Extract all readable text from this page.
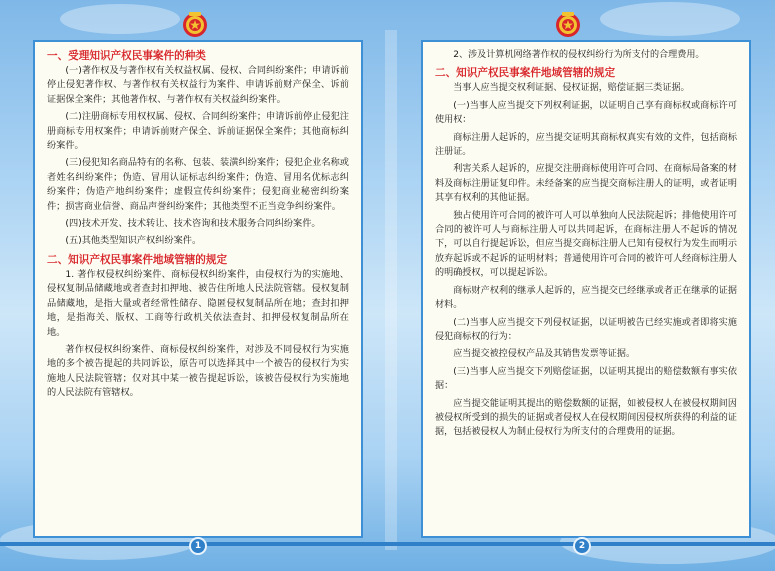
一、受理知识产权民事案件的种类

(一)著作权及与著作权有关权益权属、侵权、合同纠纷案件；申请诉前停止侵犯著作权、与著作权有关权益行为案件、申请诉前财产保全、诉前证据保全案件；其他著作权、与著作权有关权益纠纷案件。

(二)注册商标专用权权属、侵权、合同纠纷案件；申请诉前停止侵犯注册商标专用权案件；申请诉前财产保全、诉前证据保全案件；其他商标纠纷案件。

(三)侵犯知名商品特有的名称、包装、装潢纠纷案件；侵犯企业名称或者姓名纠纷案件；伪造、冒用认证标志纠纷案件；伪造、冒用名优标志纠纷案件；伪造产地纠纷案件；虚假宣传纠纷案件；侵犯商业秘密纠纷案件；损害商业信誉、商品声誉纠纷案件；其他类型不正当竞争纠纷案件。

(四)技术开发、技术转让、技术咨询和技术服务合同纠纷案件。

(五)其他类型知识产权纠纷案件。

二、知识产权民事案件地域管辖的规定

1. 著作权侵权纠纷案件、商标侵权纠纷案件，由侵权行为的实施地、侵权复制品储藏地或者查封扣押地、被告住所地人民法院管辖。侵权复制品储藏地，是指大量或者经常性储存、隐匿侵权复制品所在地；查封扣押地，是指海关、版权、工商等行政机关依法查封、扣押侵权复制品所在地。

著作权侵权纠纷案件、商标侵权纠纷案件，对涉及不同侵权行为实施地的多个被告提起的共同诉讼，原告可以选择其中一个被告的侵权行为实施地人民法院管辖；仅对其中某一被告提起诉讼，该被告侵权行为实施地的人民法院有管辖权。

2、涉及计算机网络著作权的侵权纠纷行为所支付的合理费用。

二、知识产权民事案件地域管辖的规定

当事人应当提交权利证据、侵权证据，赔偿证据三类证据。

(一)当事人应当提交下列权利证据，以证明自己享有商标权或商标许可使用权：

商标注册人起诉的，应当提交证明其商标权真实有效的文件，包括商标注册证。

利害关系人起诉的，应提交注册商标使用许可合同、在商标局备案的材料及商标注册证复印件。未经备案的应当提交商标注册人的证明，或者证明其享有权利的其他证据。

独占使用许可合同的被许可人可以单独向人民法院起诉；排他使用许可合同的被许可人与商标注册人可以共同起诉，在商标注册人不起诉的情况下，可以自行提起诉讼，但应当提交商标注册人已知有侵权行为发生而明示放弃起诉或不起诉的证明材料；普通使用许可合同的被许可人经商标注册人的明确授权，可以提起诉讼。

商标财产权利的继承人起诉的，应当提交已经继承或者正在继承的证据材料。

(二)当事人应当提交下列侵权证据，以证明被告已经实施或者即将实施侵犯商标权的行为：

应当提交被控侵权产品及其销售发票等证据。

(三)当事人应当提交下列赔偿证据，以证明其提出的赔偿数额有事实依据：

应当提交能证明其提出的赔偿数额的证据，如被侵权人在被侵权期间因被侵权所受到的损失的证据或者侵权人在侵权期间因侵权所获得的利益的证据，包括被侵权人为制止侵权行为所支付的合理费用的证据。

1	2
